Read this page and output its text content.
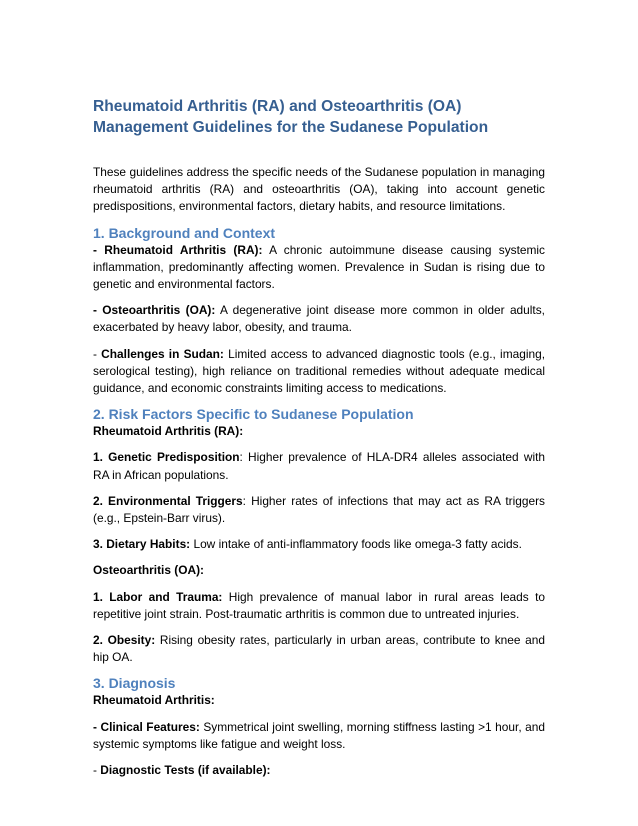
Rheumatoid Arthritis (RA) and Osteoarthritis (OA) Management Guidelines for the Sudanese Population

These guidelines address the specific needs of the Sudanese population in managing rheumatoid arthritis (RA) and osteoarthritis (OA), taking into account genetic predispositions, environmental factors, dietary habits, and resource limitations.

1. Background and Context

- Rheumatoid Arthritis (RA): A chronic autoimmune disease causing systemic inflammation, predominantly affecting women. Prevalence in Sudan is rising due to genetic and environmental factors.

- Osteoarthritis (OA): A degenerative joint disease more common in older adults, exacerbated by heavy labor, obesity, and trauma.

- Challenges in Sudan: Limited access to advanced diagnostic tools (e.g., imaging, serological testing), high reliance on traditional remedies without adequate medical guidance, and economic constraints limiting access to medications.

2. Risk Factors Specific to Sudanese Population

Rheumatoid Arthritis (RA):

1. Genetic Predisposition: Higher prevalence of HLA-DR4 alleles associated with RA in African populations.

2. Environmental Triggers: Higher rates of infections that may act as RA triggers (e.g., Epstein-Barr virus).

3. Dietary Habits: Low intake of anti-inflammatory foods like omega-3 fatty acids.

Osteoarthritis (OA):

1. Labor and Trauma: High prevalence of manual labor in rural areas leads to repetitive joint strain. Post-traumatic arthritis is common due to untreated injuries.

2. Obesity: Rising obesity rates, particularly in urban areas, contribute to knee and hip OA.

3. Diagnosis

Rheumatoid Arthritis:

- Clinical Features: Symmetrical joint swelling, morning stiffness lasting >1 hour, and systemic symptoms like fatigue and weight loss.

- Diagnostic Tests (if available):
